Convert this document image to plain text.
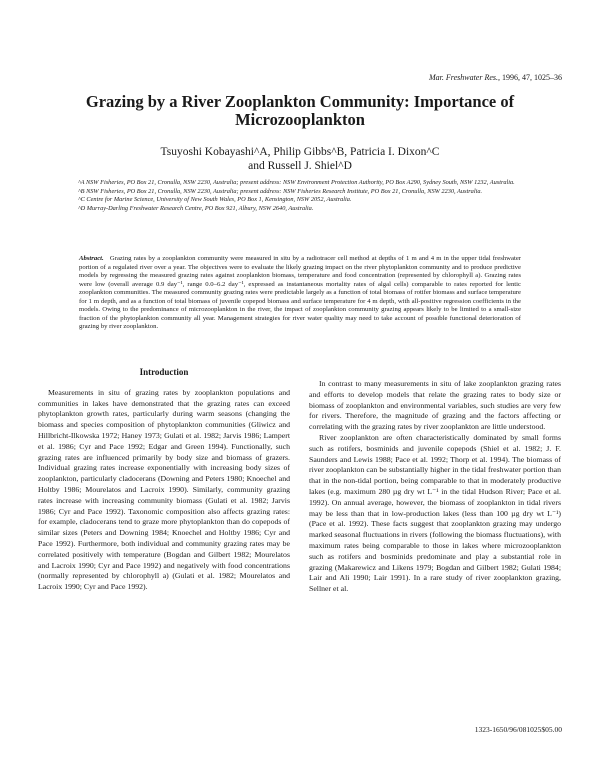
Mar. Freshwater Res., 1996, 47, 1025–36
Grazing by a River Zooplankton Community: Importance of Microzooplankton
Tsuyoshi Kobayashi^A, Philip Gibbs^B, Patricia I. Dixon^C
and Russell J. Shiel^D
^A NSW Fisheries, PO Box 21, Cronulla, NSW 2230, Australia; present address: NSW Environment Protection Authority, PO Box A290, Sydney South, NSW 1232, Australia.
^B NSW Fisheries, PO Box 21, Cronulla, NSW 2230, Australia; present address: NSW Fisheries Research Institute, PO Box 21, Cronulla, NSW 2230, Australia.
^C Centre for Marine Science, University of New South Wales, PO Box 1, Kensington, NSW 2052, Australia.
^D Murray-Darling Freshwater Research Centre, PO Box 921, Albury, NSW 2640, Australia.
Abstract. Grazing rates by a zooplankton community were measured in situ by a radiotracer cell method at depths of 1 m and 4 m in the upper tidal freshwater portion of a regulated river over a year. The objectives were to evaluate the likely grazing impact on the river phytoplankton community and to produce predictive models by regressing the measured grazing rates against zooplankton biomass, temperature and food concentration (represented by chlorophyll a). Grazing rates were low (overall average 0.9 day⁻¹, range 0.0–6.2 day⁻¹, expressed as instantaneous mortality rates of algal cells) comparable to rates reported for lentic zooplankton communities. The measured community grazing rates were predictable largely as a function of total biomass of rotifer biomass and surface temperature for 1 m depth, and as a function of total biomass of juvenile copepod biomass and surface temperature for 4 m depth, with all-positive regression coefficients in the models. Owing to the predominance of microzooplankton in the river, the impact of zooplankton community grazing appears likely to be limited to a small-size fraction of the phytoplankton community all year. Management strategies for river water quality may need to take account of possible functional deterioration of grazing by river zooplankton.
Introduction

Measurements in situ of grazing rates by zooplankton populations and communities in lakes have demonstrated that the grazing rates can exceed phytoplankton growth rates, particularly during warm seasons (changing the biomass and species composition of phytoplankton communities (Gliwicz and Hillbricht-Ilkowska 1972; Haney 1973; Gulati et al. 1982; Jarvis 1986; Lampert et al. 1986; Cyr and Pace 1992; Edgar and Green 1994). Functionally, such grazing rates are influenced primarily by body size and biomass of grazers. Individual grazing rates increase exponentially with increasing body sizes of zooplankton, particularly cladocerans (Downing and Peters 1980; Knoechel and Holtby 1986; Mourelatos and Lacroix 1990). Similarly, community grazing rates increase with increasing community biomass (Gulati et al. 1982; Jarvis 1986; Cyr and Pace 1992). Taxonomic composition also affects grazing rates: for example, cladocerans tend to graze more phytoplankton than do copepods of similar sizes (Peters and Downing 1984; Knoechel and Holtby 1986; Cyr and Pace 1992). Furthermore, both individual and community grazing rates may be correlated positively with temperature (Bogdan and Gilbert 1982; Mourelatos and Lacroix 1990; Cyr and Pace 1992) and negatively with food concentrations (normally represented by chlorophyll a) (Gulati et al. 1982; Mourelatos and Lacroix 1990; Cyr and Pace 1992).

In contrast to many measurements in situ of lake zooplankton grazing rates and efforts to develop models that relate the grazing rates to body size or biomass of zooplankton and environmental variables, such studies are very few for rivers. Therefore, the magnitude of grazing and the factors affecting or correlating with the grazing rates by river zooplankton are little understood.

River zooplankton are often characteristically dominated by small forms such as rotifers, bosminids and juvenile copepods (Shiel et al. 1982; J. F. Saunders and Lewis 1988; Pace et al. 1992; Thorp et al. 1994). The biomass of river zooplankton can be substantially higher in the tidal freshwater portion than that in the non-tidal portion, being comparable to that in moderately productive lakes (e.g. maximum 280 µg dry wt L⁻¹ in the tidal Hudson River; Pace et al. 1992). On annual average, however, the biomass of zooplankton in tidal rivers may be less than that in low-production lakes (less than 100 µg dry wt L⁻¹) (Pace et al. 1992). These facts suggest that zooplankton grazing may undergo marked seasonal fluctuations in rivers (following the biomass fluctuations), with maximum rates being comparable to those in lakes where microzooplankton such as rotifers and bosminids predominate and play a substantial role in grazing (Makarewicz and Likens 1979; Bogdan and Gilbert 1982; Gulati 1984; Lair and Ali 1990; Lair 1991). In a rare study of river zooplankton grazing, Sellner et al.

1323-1650/96/081025$05.00
